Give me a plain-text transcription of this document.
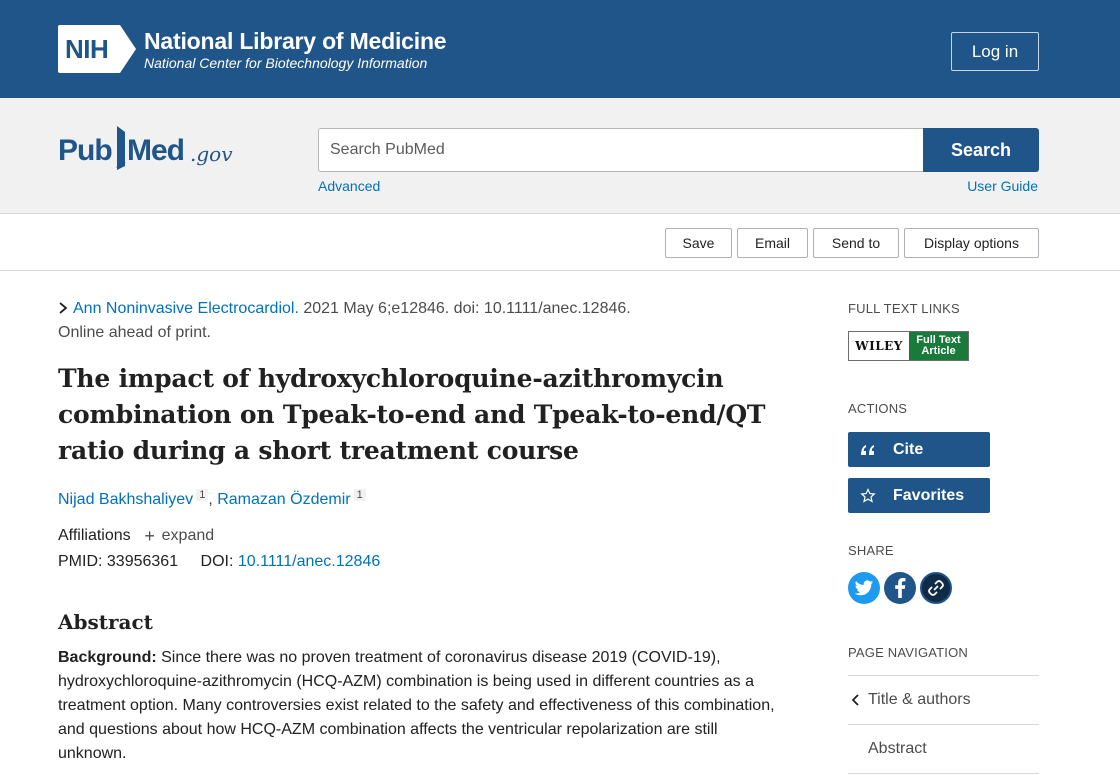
NIH National Library of Medicine
National Center for Biotechnology Information
Log in
Pub Med .gov
Search PubMed	Search
Advanced	User Guide
Save	Email	Send to	Display options
Ann Noninvasive Electrocardiol. 2021 May 6;e12846. doi: 10.1111/anec.12846.
Online ahead of print.
The impact of hydroxychloroquine-azithromycin combination on Tpeak-to-end and Tpeak-to-end/QT ratio during a short treatment course
Nijad Bakhshaliyev $^1$ , Ramazan Özdemir $^1$
Affiliations + expand
PMID: 33956361 DOI: 10.1111/anec.12846
Abstract

Background: Since there was no proven treatment of coronavirus disease 2019 (COVID-19), hydroxychloroquine-azithromycin (HCQ-AZM) combination is being used in different countries as a treatment option. Many controversies exist related to the safety and effectiveness of this combination, and questions about how HCQ-AZM combination affects the ventricular repolarization are still unknown.

FULL TEXT LINKS
WILEY	Full Text
Article
ACTIONS
Cite
Favorites
SHARE
PAGE NAVIGATION
Title & authors
Abstract
